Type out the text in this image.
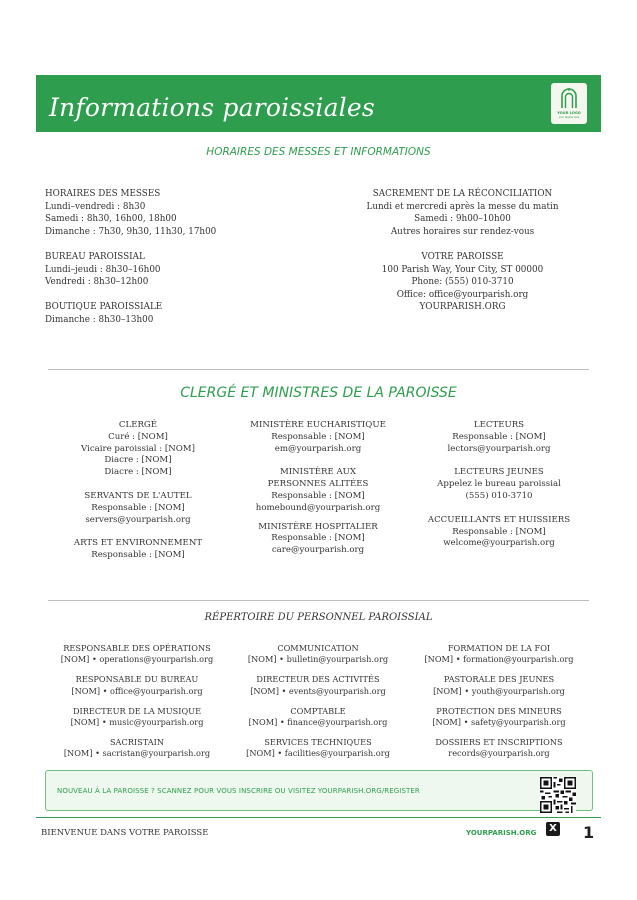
Informations paroissiales	YOUR LOGO
your tagline here
HORAIRES DES MESSES ET INFORMATIONS
HORAIRES DES MESSES
Lundi–vendredi : 8h30
Samedi : 8h30, 16h00, 18h00
Dimanche : 7h30, 9h30, 11h30, 17h00
BUREAU PAROISSIAL
Lundi–jeudi : 8h30–16h00
Vendredi : 8h30–12h00
BOUTIQUE PAROISSIALE
Dimanche : 8h30–13h00
SACREMENT DE LA RÉCONCILIATION
Lundi et mercredi après la messe du matin
Samedi : 9h00–10h00
Autres horaires sur rendez-vous
VOTRE PAROISSE
100 Parish Way, Your City, ST 00000
Phone: (555) 010-3710
Office: office@yourparish.org
YOURPARISH.ORG
CLERGÉ ET MINISTRES DE LA PAROISSE
CLERGÉ
Curé : [NOM]
Vicaire paroissial : [NOM]
Diacre : [NOM]
Diacre : [NOM]
SERVANTS DE L'AUTEL
Responsable : [NOM]
servers@yourparish.org
ARTS ET ENVIRONNEMENT
Responsable : [NOM]
MINISTÈRE EUCHARISTIQUE
Responsable : [NOM]
em@yourparish.org
MINISTÈRE AUX PERSONNES ALITÉES
Responsable : [NOM]
homebound@yourparish.org
MINISTÈRE HOSPITALIER
Responsable : [NOM]
care@yourparish.org
LECTEURS
Responsable : [NOM]
lectors@yourparish.org
LECTEURS JEUNES
Appelez le bureau paroissial
(555) 010-3710
ACCUEILLANTS ET HUISSIERS
Responsable : [NOM]
welcome@yourparish.org
RÉPERTOIRE DU PERSONNEL PAROISSIAL
RESPONSABLE DES OPÉRATIONS
[NOM] • operations@yourparish.org
RESPONSABLE DU BUREAU
[NOM] • office@yourparish.org
DIRECTEUR DE LA MUSIQUE
[NOM] • music@yourparish.org
SACRISTAIN
[NOM] • sacristan@yourparish.org
COMMUNICATION
[NOM] • bulletin@yourparish.org
DIRECTEUR DES ACTIVITÉS
[NOM] • events@yourparish.org
COMPTABLE
[NOM] • finance@yourparish.org
SERVICES TECHNIQUES
[NOM] • facilities@yourparish.org
FORMATION DE LA FOI
[NOM] • formation@yourparish.org
PASTORALE DES JEUNES
[NOM] • youth@yourparish.org
PROTECTION DES MINEURS
[NOM] • safety@yourparish.org
DOSSIERS ET INSCRIPTIONS
records@yourparish.org
NOUVEAU À LA PAROISSE ? SCANNEZ POUR VOUS INSCRIRE OU VISITEZ YOURPARISH.ORG/REGISTER
BIENVENUE DANS VOTRE PAROISSE	YOURPARISH.ORG	X 1
